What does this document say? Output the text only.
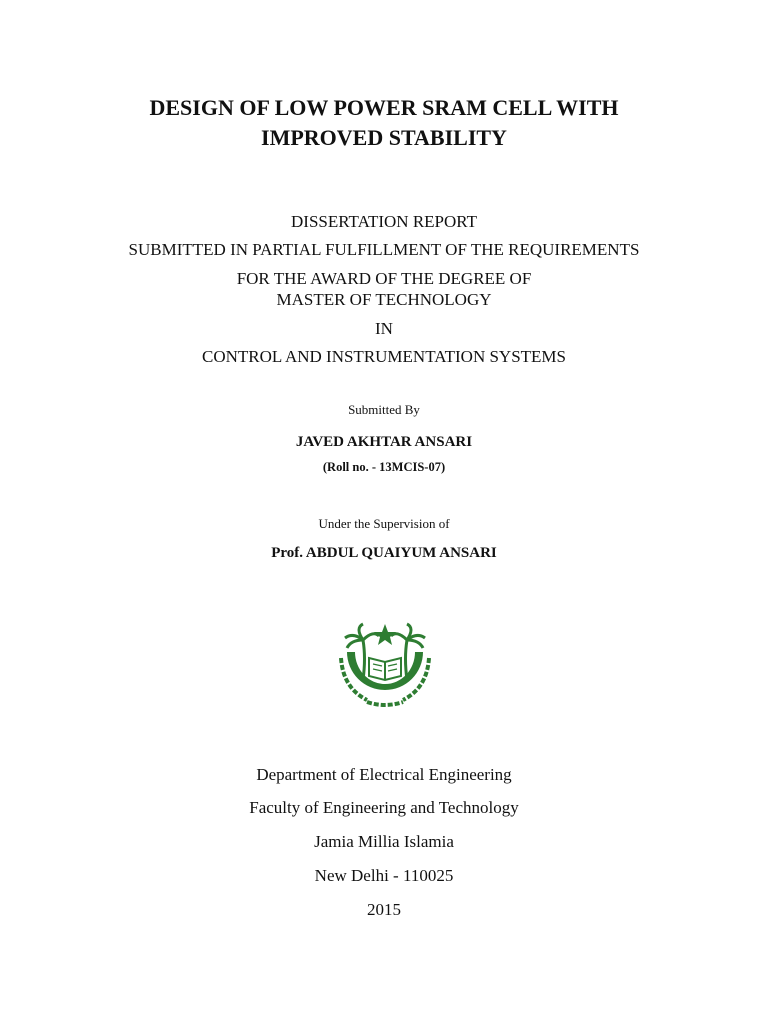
DESIGN OF LOW POWER SRAM CELL WITH
IMPROVED STABILITY
DISSERTATION REPORT
SUBMITTED IN PARTIAL FULFILLMENT OF THE REQUIREMENTS
FOR THE AWARD OF THE DEGREE OF
MASTER OF TECHNOLOGY
IN
CONTROL AND INSTRUMENTATION SYSTEMS
Submitted By
JAVED AKHTAR ANSARI
(Roll no. - 13MCIS-07)
Under the Supervision of
Prof. ABDUL QUAIYUM ANSARI
Department of Electrical Engineering
Faculty of Engineering and Technology
Jamia Millia Islamia
New Delhi - 110025
2015
